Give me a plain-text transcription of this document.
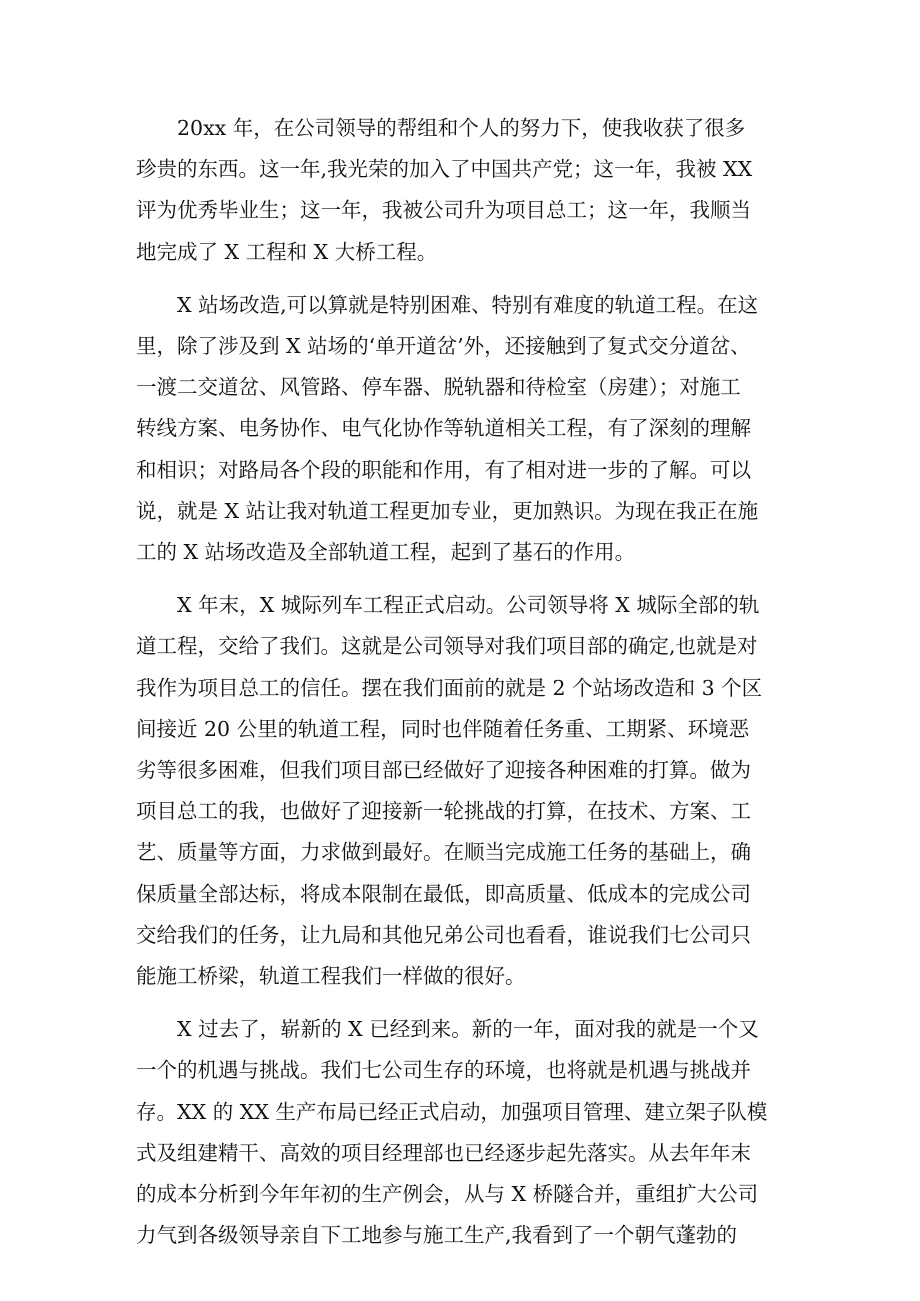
　　20xx 年，在公司领导的帮组和个人的努力下，使我收获了很多
珍贵的东西。这一年,我光荣的加入了中国共产党；这一年，我被 XX
评为优秀毕业生；这一年，我被公司升为项目总工；这一年，我顺当
地完成了 X 工程和 X 大桥工程。

　　X 站场改造,可以算就是特别困难、特别有难度的轨道工程。在这
里，除了涉及到 X 站场的‘单开道岔’外，还接触到了复式交分道岔、
一渡二交道岔、风管路、停车器、脱轨器和待检室（房建）；对施工
转线方案、电务协作、电气化协作等轨道相关工程，有了深刻的理解
和相识；对路局各个段的职能和作用，有了相对进一步的了解。可以
说，就是 X 站让我对轨道工程更加专业，更加熟识。为现在我正在施
工的 X 站场改造及全部轨道工程，起到了基石的作用。

　　X 年末，X 城际列车工程正式启动。公司领导将 X 城际全部的轨
道工程，交给了我们。这就是公司领导对我们项目部的确定,也就是对
我作为项目总工的信任。摆在我们面前的就是 2 个站场改造和 3 个区
间接近 20 公里的轨道工程，同时也伴随着任务重、工期紧、环境恶
劣等很多困难，但我们项目部已经做好了迎接各种困难的打算。做为
项目总工的我，也做好了迎接新一轮挑战的打算，在技术、方案、工
艺、质量等方面，力求做到最好。在顺当完成施工任务的基础上，确
保质量全部达标，将成本限制在最低，即高质量、低成本的完成公司
交给我们的任务，让九局和其他兄弟公司也看看，谁说我们七公司只
能施工桥梁，轨道工程我们一样做的很好。

　　X 过去了，崭新的 X 已经到来。新的一年，面对我的就是一个又
一个的机遇与挑战。我们七公司生存的环境，也将就是机遇与挑战并
存。XX 的 XX 生产布局已经正式启动，加强项目管理、建立架子队模
式及组建精干、高效的项目经理部也已经逐步起先落实。从去年年末
的成本分析到今年年初的生产例会，从与 X 桥隧合并，重组扩大公司
力气到各级领导亲自下工地参与施工生产,我看到了一个朝气蓬勃的
